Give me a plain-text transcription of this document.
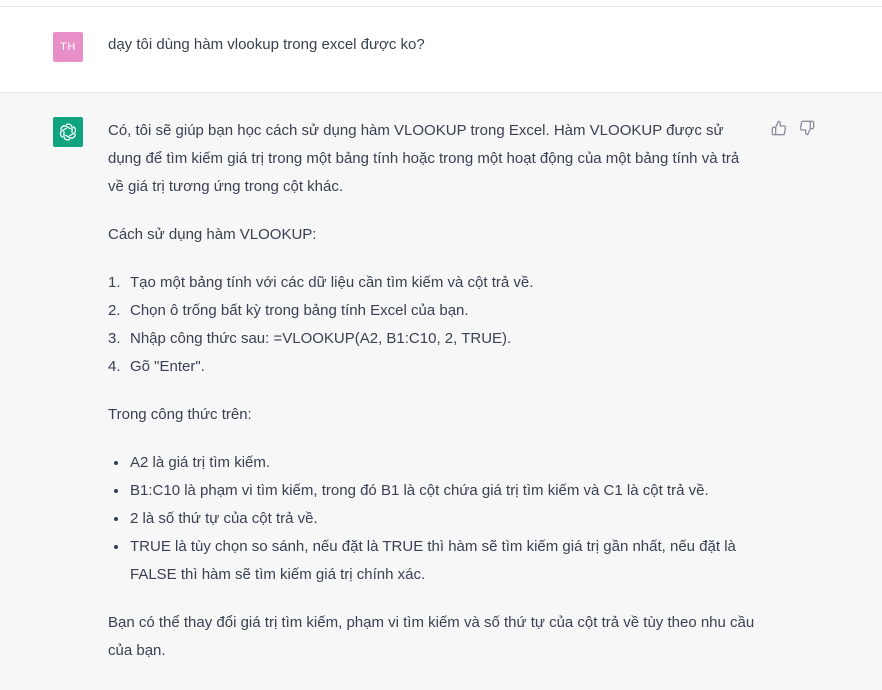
TH	dạy tôi dùng hàm vlookup trong excel được ko?

Có, tôi sẽ giúp bạn học cách sử dụng hàm VLOOKUP trong Excel. Hàm VLOOKUP được sử dụng để tìm kiếm giá trị trong một bảng tính hoặc trong một hoạt động của một bảng tính và trả về giá trị tương ứng trong cột khác.

Cách sử dụng hàm VLOOKUP:

1. Tạo một bảng tính với các dữ liệu cần tìm kiếm và cột trả về.
2. Chọn ô trống bất kỳ trong bảng tính Excel của bạn.
3. Nhập công thức sau: =VLOOKUP(A2, B1:C10, 2, TRUE).
4. Gõ "Enter".

Trong công thức trên:

A2 là giá trị tìm kiếm.
B1:C10 là phạm vi tìm kiếm, trong đó B1 là cột chứa giá trị tìm kiếm và C1 là cột trả về.
2 là số thứ tự của cột trả về.
TRUE là tùy chọn so sánh, nếu đặt là TRUE thì hàm sẽ tìm kiếm giá trị gần nhất, nếu đặt là FALSE thì hàm sẽ tìm kiếm giá trị chính xác.

Bạn có thể thay đổi giá trị tìm kiếm, phạm vi tìm kiếm và số thứ tự của cột trả về tùy theo nhu cầu của bạn.
